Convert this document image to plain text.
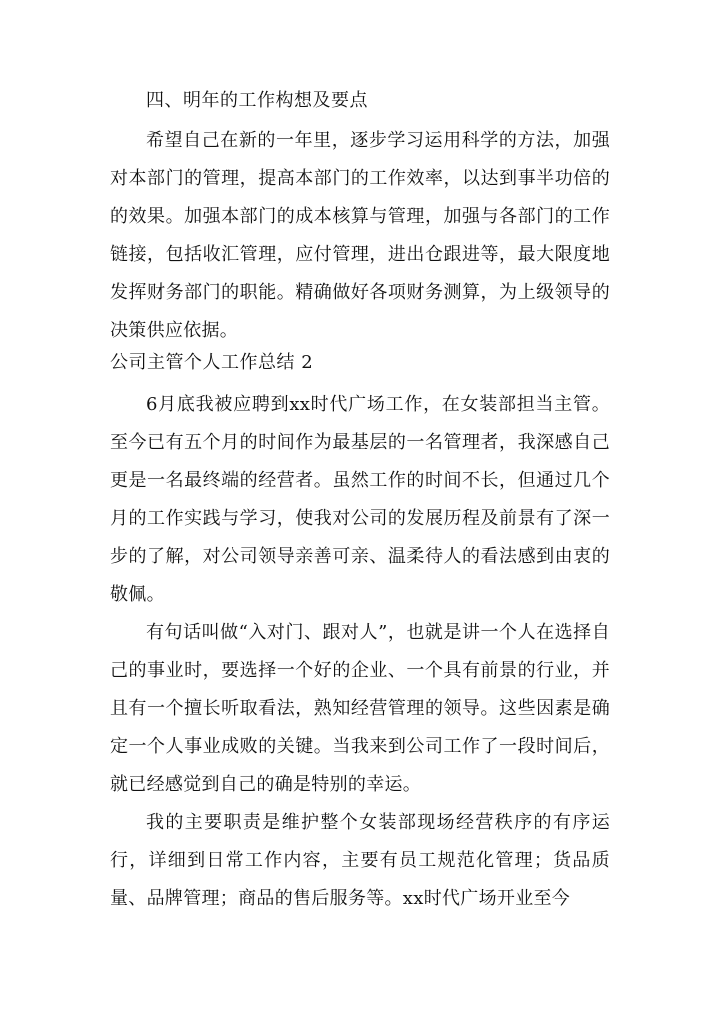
四、明年的工作构想及要点

希望自己在新的一年里，逐步学习运用科学的方法，加强对本部门的管理，提高本部门的工作效率，以达到事半功倍的的效果。加强本部门的成本核算与管理，加强与各部门的工作链接，包括收汇管理，应付管理，进出仓跟进等，最大限度地发挥财务部门的职能。精确做好各项财务测算，为上级领导的决策供应依据。

公司主管个人工作总结 2

6月底我被应聘到xx时代广场工作，在女装部担当主管。至今已有五个月的时间作为最基层的一名管理者，我深感自己更是一名最终端的经营者。虽然工作的时间不长，但通过几个月的工作实践与学习，使我对公司的发展历程及前景有了深一步的了解，对公司领导亲善可亲、温柔待人的看法感到由衷的敬佩。

有句话叫做“入对门、跟对人”，也就是讲一个人在选择自己的事业时，要选择一个好的企业、一个具有前景的行业，并且有一个擅长听取看法，熟知经营管理的领导。这些因素是确定一个人事业成败的关键。当我来到公司工作了一段时间后，就已经感觉到自己的确是特别的幸运。

我的主要职责是维护整个女装部现场经营秩序的有序运行，详细到日常工作内容，主要有员工规范化管理；货品质量、品牌管理；商品的售后服务等。xx时代广场开业至今
